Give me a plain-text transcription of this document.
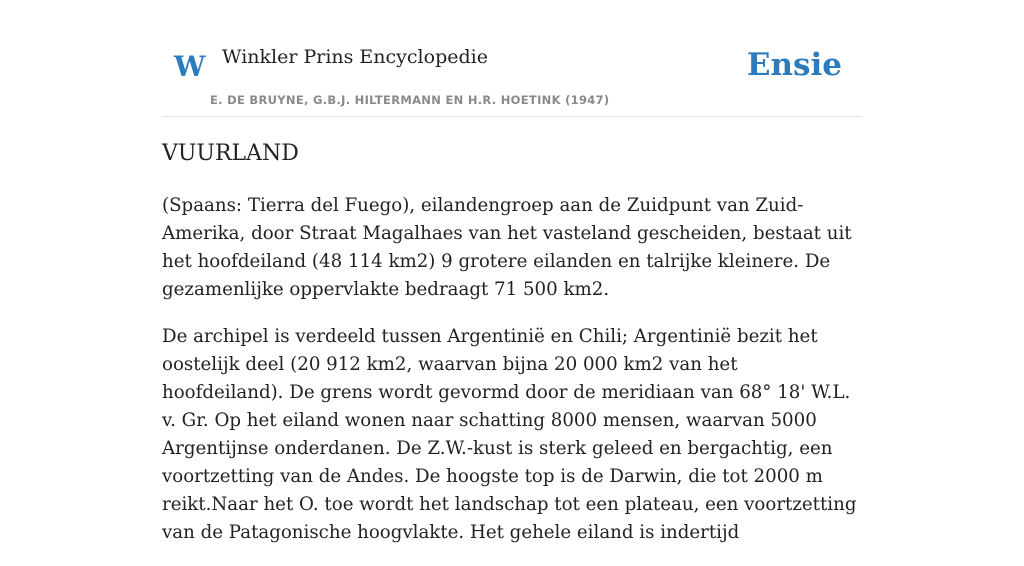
W Winkler Prins Encyclopedie
E. DE BRUYNE, G.B.J. HILTERMANN EN H.R. HOETINK (1947)
Ensie
VUURLAND

(Spaans: Tierra del Fuego), eilandengroep aan de Zuidpunt van Zuid-Amerika, door Straat Magalhaes van het vasteland gescheiden, bestaat uit het hoofdeiland (48 114 km2) 9 grotere eilanden en talrijke kleinere. De gezamenlijke oppervlakte bedraagt 71 500 km2.

De archipel is verdeeld tussen Argentinië en Chili; Argentinië bezit het oostelijk deel (20 912 km2, waarvan bijna 20 000 km2 van het hoofdeiland). De grens wordt gevormd door de meridiaan van 68° 18' W.L. v. Gr. Op het eiland wonen naar schatting 8000 mensen, waarvan 5000 Argentijnse onderdanen. De Z.W.-kust is sterk geleed en bergachtig, een voortzetting van de Andes. De hoogste top is de Darwin, die tot 2000 m reikt.Naar het O. toe wordt het landschap tot een plateau, een voortzetting van de Patagonische hoogvlakte. Het gehele eiland is indertijd
